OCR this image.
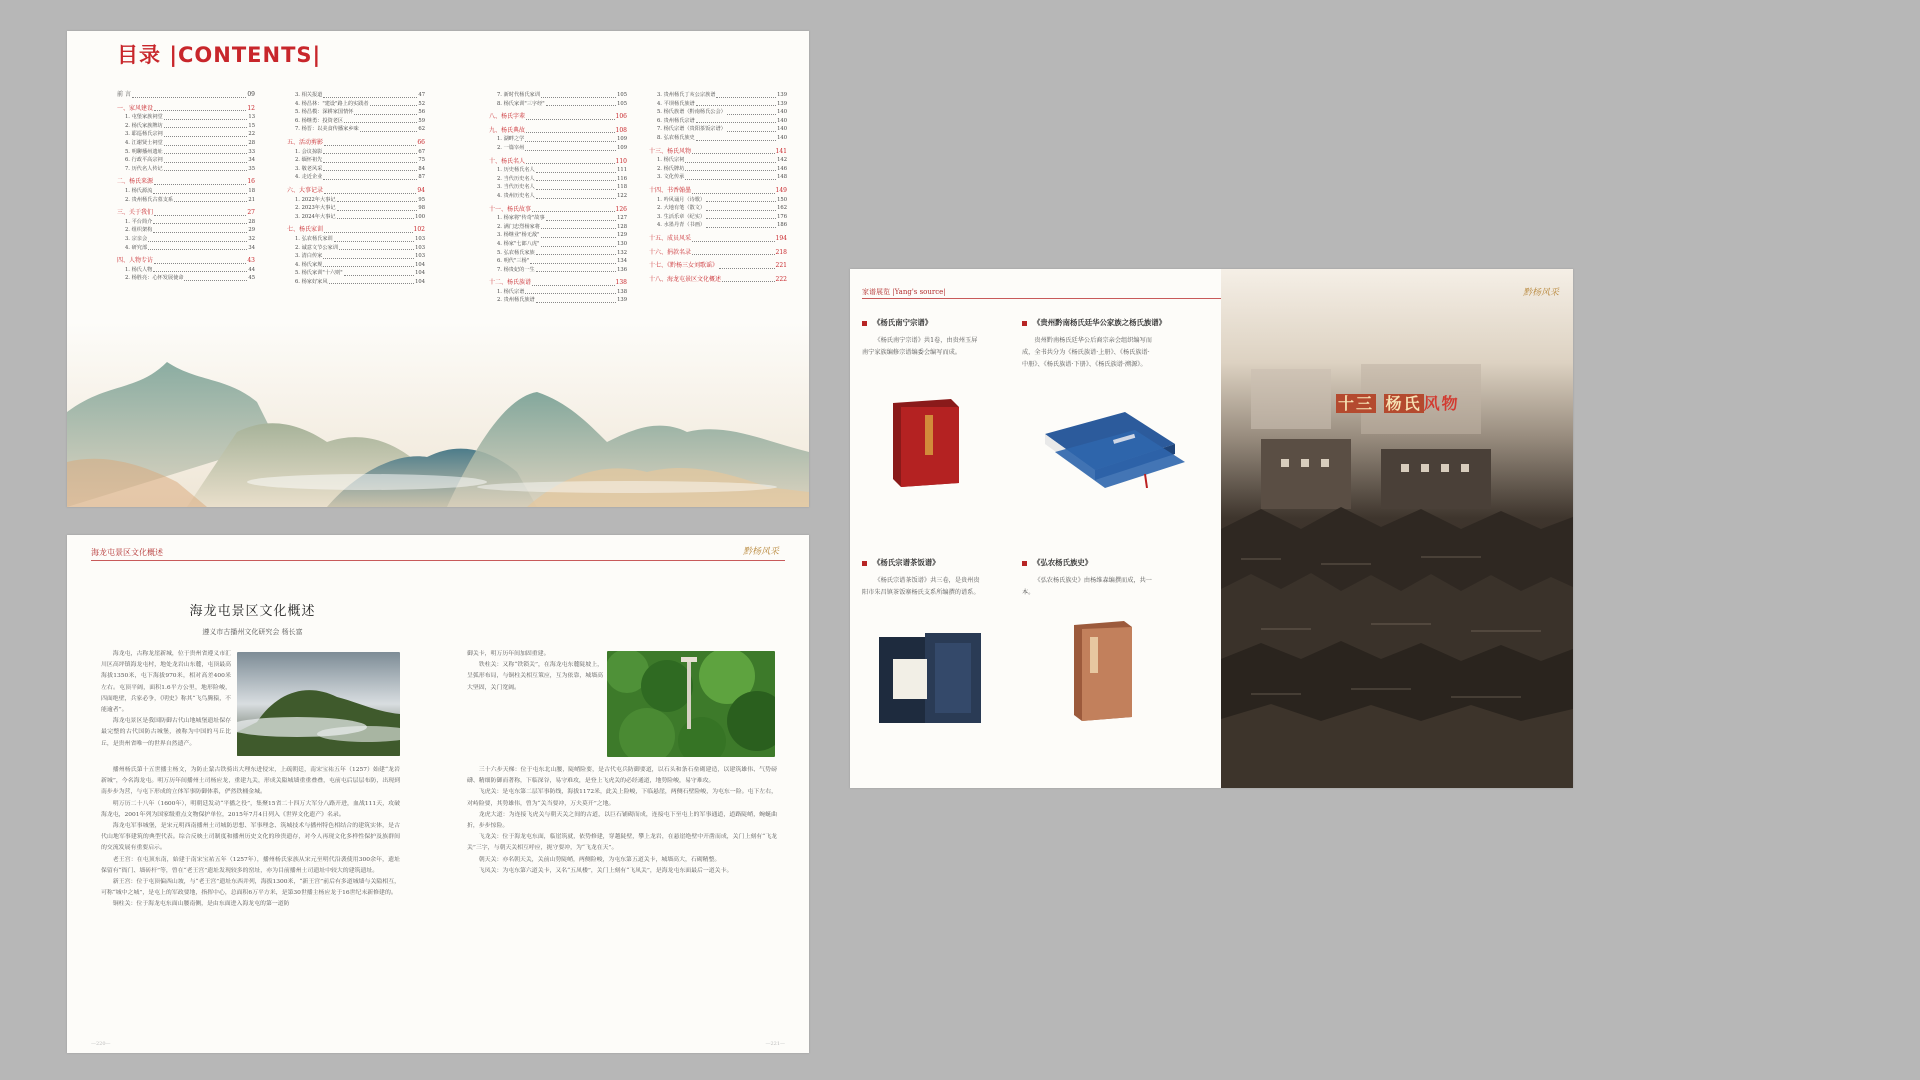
目录 |CONTENTS|
前 言	09
一、家风建设	12
1. 屯堡家族祠堂	13
2. 杨氏家族牌坊	15
3. 耶巡杨氏宗祠	22
4. 江谢贤士祠堂	28
5. 明聊播州遗址	33
6. 行政平高宗祠	34
7. 历代名人传记	35
二、杨氏来源	16
1. 杨氏源流	18
2. 贵州杨氏古墓支系	21
三、关于我们	27
1. 平台简介	28
2. 组织架构	29
3. 宗亲会	32
4. 研究部	34
四、人物专访	43
1. 杨氏人物	44
2. 杨胜亮：心怀发展使命	45
3. 相关报道	47
4. 杨昌林："建设"路上的实践者	52
5. 杨昌模：深耕家国情怀	56
6. 杨继勇：投资老区	59
7. 杨晋：以美食传播家乡味	62
五、活动剪影	66
1. 会议掠影	67
2. 缅怀祖先	75
3. 敬老风采	84
4. 走近企业	87
六、大事记录	94
1. 2022年大事记	95
2. 2023年大事记	98
3. 2024年大事记	100
七、杨氏家训	102
1. 弘农杨氏家训	103
2. 诚意文节公家训	103
3. 清白传家	103
4. 杨氏家规	104
5. 杨氏家训"十六则"	104
6. 杨家好家风	104
7. 新时代杨氏家训	105
8. 杨氏家训"三字经"	105
八、杨氏字辈	106
九、杨氏典故	108
1. 湖畔之学	109
2. 一篇宰州	109
十、杨氏名人	110
1. 历史杨氏名人	111
2. 当代历史名人	116
3. 当代历史名人	118
4. 贵州历史名人	122
十一、杨氏故事	126
1. 杨家将"传奇"故事	127
2. 满门忠烈杨家将	128
3. 杨继业"杨无敌"	129
4. 杨家"七郎八虎"	130
5. 弘农杨氏家族	132
6. 明代"三杨"	134
7. 杨贵妃的一生	136
十二、杨氏族谱	138
1. 杨氏宗谱	138
2. 贵州杨氏族谱	139
3. 贵州杨氏丁亥公宗族谱	139
4. 平坝杨氏族谱	139
5. 杨氏族谱（黔南杨氏公会）	140
6. 贵州杨氏宗谱	140
7. 杨氏宗谱（贵阳茶饭宗谱）	140
8. 弘农杨氏族史	140
十三、杨氏风物	141
1. 杨氏宗祠	142
2. 杨氏牌坊	146
3. 文化传承	148
十四、书香翰墨	149
1. 吟风诵月（诗歌）	150
2. 大地有笔（散文）	162
3. 生活乐章（纪实）	176
4. 水墨丹青（书画）	186
十五、成员风采	194
十六、捐款名录	218
十七、《黔杨三女刘歌谣》	221
十八、海龙屯景区文化概述	222
海龙屯景区文化概述	黔杨风采
海龙屯景区文化概述
遵义市古播州文化研究会 杨长富

海龙屯，古称龙崖新城，位于贵州省遵义市汇川区高坪镇海龙屯村，地处龙岩山东麓，屯顶最高海拔1350米，屯下海拔970米，相对高差400米左右。屯顶平阔，面积1.6平方公里，地形险峻，四面绝壁，兵家必争，《明史》称其“飞鸟腾猿，不能逾者”。

海龙屯景区是我国防御古代山地城堡遗址保存最完整的古代国防古城堡，被称为中国的马丘比丘，是贵州省唯一的世界自然遗产。

播州杨氏第十五世播主杨文，为防止蒙古铁骑出大理东进侵宋，上疏朝廷，南宋宝祐五年（1257）始建“龙岩新城”，今名海龙屯。明万历年间播州土司杨应龙，重建九关，形成关隘城墙重重叠叠，屯前屯后层层布防，出现到南步步为营，与屯下形成的立体军事防御体系，俨然铁桶金城。

明万历二十八年（1600年），明朝廷发动“平播之役”，集聚15省二十四万大军分八路开进，血战111天，攻破海龙屯，2001年列为国家级重点文物保护单位，2015年7月4日列入《世界文化遗产》名录。

海龙屯军事城堡，是宋元明西南播州土司城防思想、军事理念、筑城技术与播州特色相结合的建筑实体，是古代山地军事建筑的典型代表。综合反映土司制度和播州历史文化的珍贵遗存，对今人再现文化多样性保护及族群间的交流发展有重要启示。

老王宫：在屯顶东南，始建于南宋宝祐五年（1257年），播州杨氏家族从宋元至明代沿袭使用300余年，遗址保留有“衙门、墙砖杆”等，曾在“老王宫”遗址发现较多的窑址，亦为目前播州土司遗址中较大的建筑遗址。

新王宫：位于屯顶偏西山坡，与“老王宫”遗址东西并列，海拔1300米，“新王宫”前后有多道城墙与关隘相互，可称“城中之城”，是屯上的军政要地，指挥中心，总面积6万平方米，是第30世播主杨应龙于16世纪末新修建的。

铜柱关：位于海龙屯东面山腰南侧，是由东面进入海龙屯的第一道防

御关卡，明万历年间加固重建。

铁柱关：又称“铁锁关”，在海龙屯东麓陡坡上，呈弧形布局，与铜柱关相互策应，互为依靠，城墙高大坚固，关门宽阔。

三十六步天梯：位于屯东北山腰，陡峭险要，是古代屯兵防御要道，以石头和条石垒砌建造，以建筑雄伟、气势磅礴、精细防御而著称，下临深谷，易守难攻，是登上飞虎关的必经通道，地势险峻，易守难攻。

飞虎关：是屯东第二层军事防线，海拔1172米，此关上险峻，下临悬崖，两侧石壁险峻，为屯东一险。屯下左右，对峙险要，其势雄伟，曾为“关当要冲，万夫莫开”之地。

龙虎大道：为连接飞虎关与朝天关之间的古道，以巨石铺砌而成，连接屯下至屯上的军事通道，道路陡峭，蜿蜒曲折，步步惊险。

飞龙关：位于海龙屯东面，临崖筑就，依势修建，穿越陡壁，攀上龙岩，在悬崖绝壁中开凿而成，关门上刻有“飞龙关”三字，与朝天关相互呼应，扼守要冲，为“飞龙在天”。

朝天关：亦名朝天关，关前山势陡峭，两侧险峻，为屯东第五道关卡，城墙高大，石砌精整。

飞凤关：为屯东第六道关卡，又名“五凤楼”，关门上刻有“飞凤关”，是海龙屯东面最后一道关卡。

—220—	—221—
家谱展览 |Yang's source|
《杨氏南宁宗谱》
《杨氏南宁宗谱》共1卷，由贵州玉屏南宁家族编修宗谱编委会编写而成。
《贵州黔南杨氏廷华公家族之杨氏族谱》
贵州黔南杨氏廷华公后裔宗亲会组织编写而成，全书共分为《杨氏族谱·上册》、《杨氏族谱·中册》、《杨氏族谱·下册》、《杨氏族谱·溯源》。
《杨氏宗谱茶饭谱》
《杨氏宗谱茶饭谱》共三卷，是贵州贵阳市朱昌镇茶饭寨杨氏支系所编撰的谱系。
《弘农杨氏族史》
《弘农杨氏族史》由杨维森编撰而成，共一本。
黔杨风采
十三 杨氏 风物
